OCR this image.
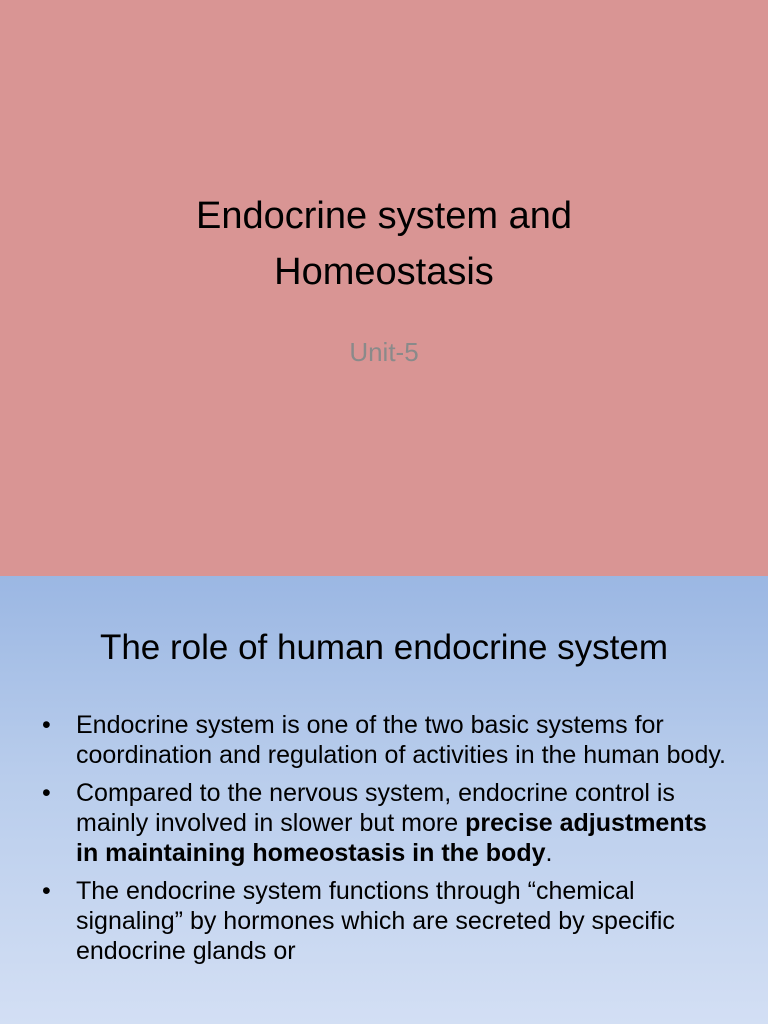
Endocrine system and
Homeostasis
Unit-5
The role of human endocrine system
• Endocrine system is one of the two basic systems for coordination and regulation of activities in the human body.
• Compared to the nervous system, endocrine control is mainly involved in slower but more precise adjustments in maintaining homeostasis in the body.
• The endocrine system functions through “chemical signaling” by hormones which are secreted by specific endocrine glands or
